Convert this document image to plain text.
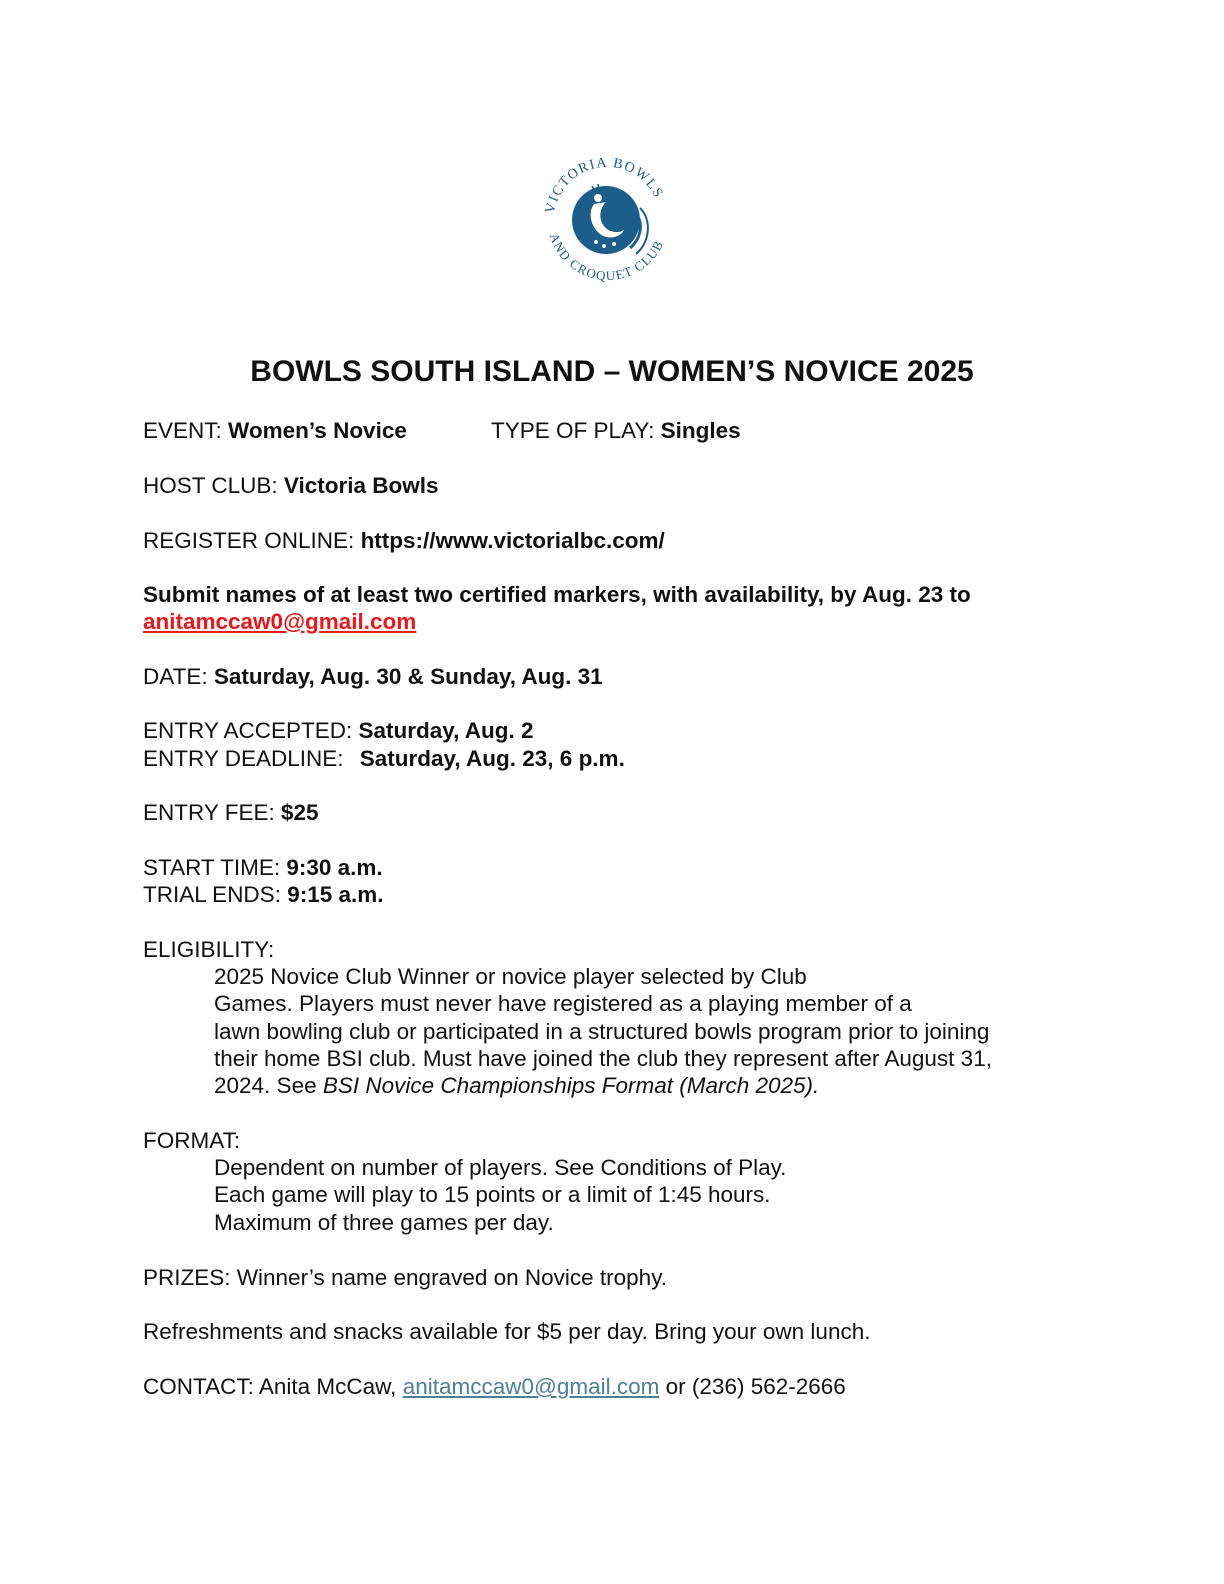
VICTORIA BOWLS
AND CROQUET CLUB
BOWLS SOUTH ISLAND – WOMEN’S NOVICE 2025
EVENT: Women’s Novice	TYPE OF PLAY: Singles
HOST CLUB: Victoria Bowls
REGISTER ONLINE: https://www.victorialbc.com/
Submit names of at least two certified markers, with availability, by Aug. 23 to
anitamccaw0@gmail.com
DATE: Saturday, Aug. 30 & Sunday, Aug. 31
ENTRY ACCEPTED: Saturday, Aug. 2
ENTRY DEADLINE: Saturday, Aug. 23, 6 p.m.
ENTRY FEE: $25
START TIME: 9:30 a.m.
TRIAL ENDS: 9:15 a.m.
ELIGIBILITY:
2025 Novice Club Winner or novice player selected by Club
Games. Players must never have registered as a playing member of a
lawn bowling club or participated in a structured bowls program prior to joining
their home BSI club. Must have joined the club they represent after August 31,
2024. See BSI Novice Championships Format (March 2025).
FORMAT:
Dependent on number of players. See Conditions of Play.
Each game will play to 15 points or a limit of 1:45 hours.
Maximum of three games per day.
PRIZES: Winner’s name engraved on Novice trophy.
Refreshments and snacks available for $5 per day. Bring your own lunch.
CONTACT: Anita McCaw, anitamccaw0@gmail.com or (236) 562-2666
